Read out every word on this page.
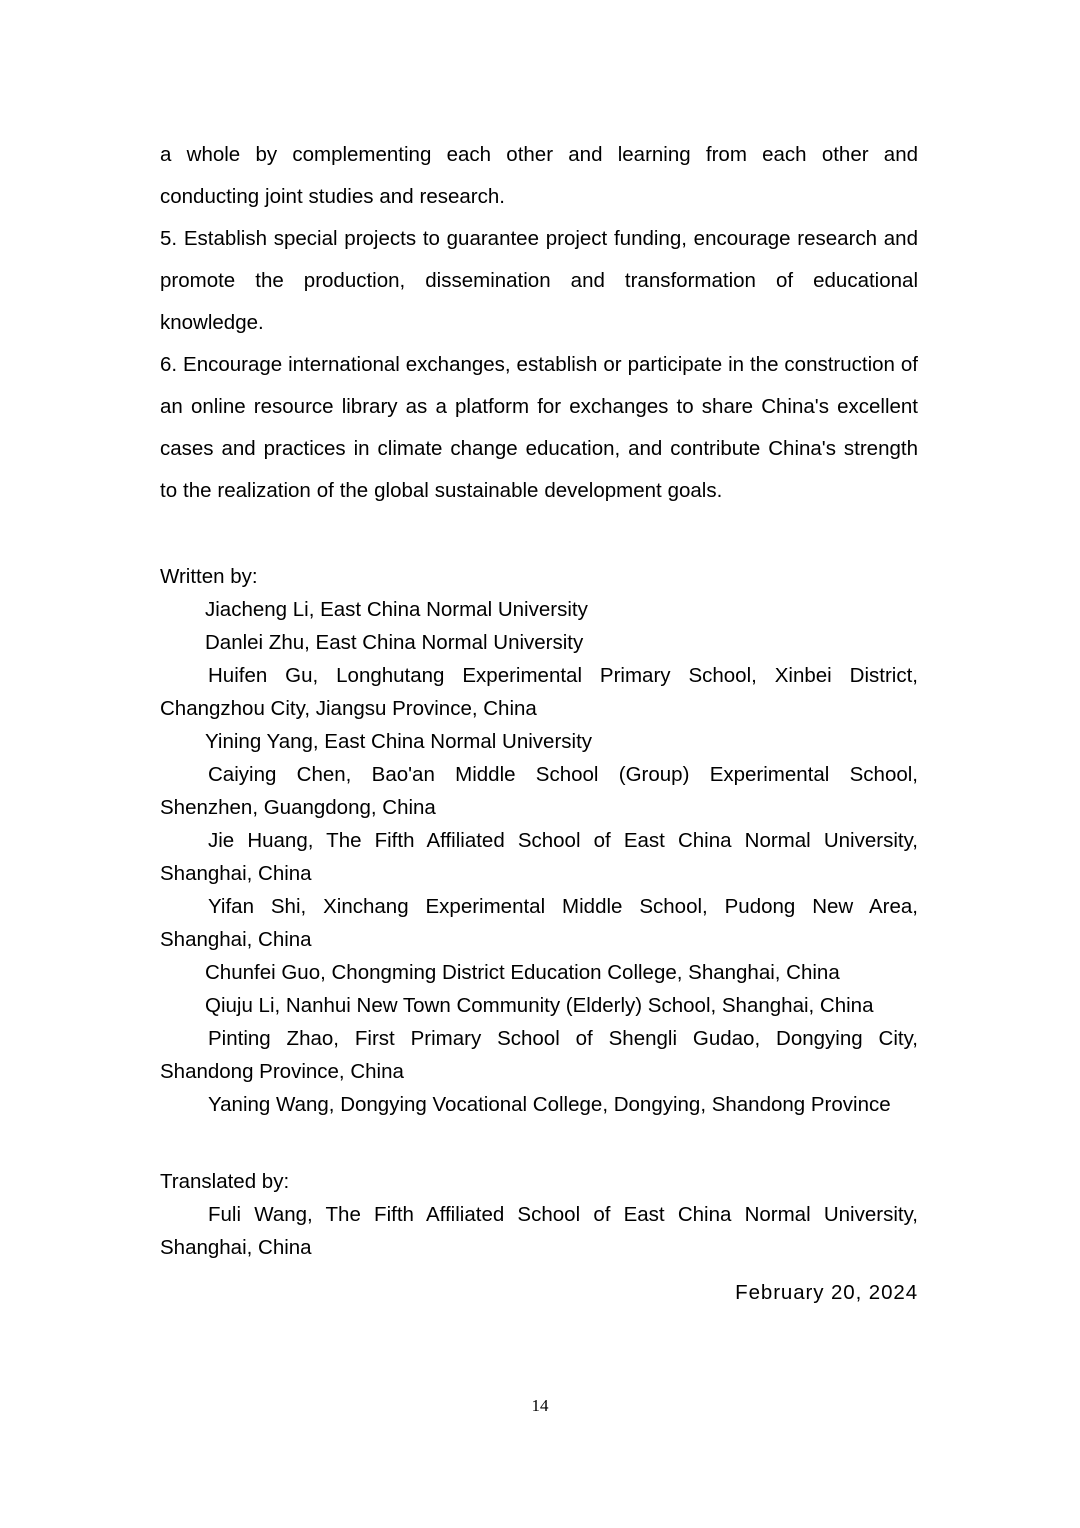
a whole by complementing each other and learning from each other and conducting joint studies and research.

5. Establish special projects to guarantee project funding, encourage research and promote the production, dissemination and transformation of educational knowledge.

6. Encourage international exchanges, establish or participate in the construction of an online resource library as a platform for exchanges to share China's excellent cases and practices in climate change education, and contribute China's strength to the realization of the global sustainable development goals.

Written by:

Jiacheng Li, East China Normal University
Danlei Zhu, East China Normal University
Huifen Gu, Longhutang Experimental Primary School, Xinbei District, Changzhou City, Jiangsu Province, China
Yining Yang, East China Normal University
Caiying Chen, Bao'an Middle School (Group) Experimental School, Shenzhen, Guangdong, China
Jie Huang, The Fifth Affiliated School of East China Normal University, Shanghai, China
Yifan Shi, Xinchang Experimental Middle School, Pudong New Area, Shanghai, China
Chunfei Guo, Chongming District Education College, Shanghai, China
Qiuju Li, Nanhui New Town Community (Elderly) School, Shanghai, China
Pinting Zhao, First Primary School of Shengli Gudao, Dongying City, Shandong Province, China
Yaning Wang, Dongying Vocational College, Dongying, Shandong Province

Translated by:

Fuli Wang, The Fifth Affiliated School of East China Normal University, Shanghai, China

February 20, 2024

14
